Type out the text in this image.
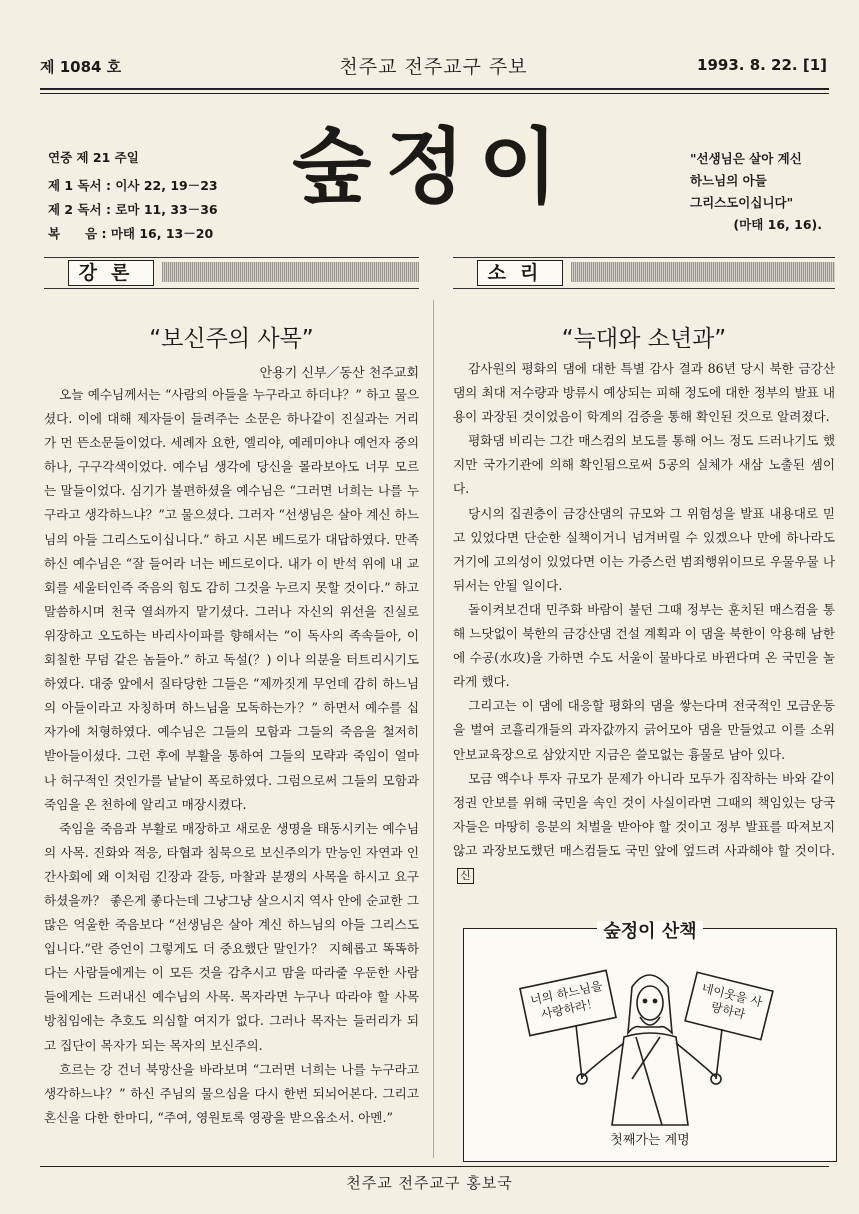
제 1084 호	천주교 전주교구 주보	1993. 8. 22. [1]
연중 제 21 주일
제 1 독서 : 이사 22, 19－23
제 2 독서 : 로마 11, 33－36
복　　음 : 마태 16, 13－20
숲정이	"선생님은 살아 계신
하느님의 아들
그리스도이십니다"
(마태 16, 16).
강론
“보신주의 사목”
안용기 신부／동산 천주교회

오늘 예수님께서는 “사람의 아들을 누구라고 하더냐？” 하고 물으셨다. 이에 대해 제자들이 들려주는 소문은 하나같이 진실과는 거리가 먼 뜬소문들이었다. 세례자 요한, 엘리야, 예레미야나 예언자 중의 하나, 구구각색이었다. 예수님 생각에 당신을 몰라보아도 너무 모르는 말들이었다. 심기가 불편하셨을 예수님은 “그러면 너희는 나를 누구라고 생각하느냐？”고 물으셨다. 그러자 “선생님은 살아 계신 하느님의 아들 그리스도이십니다.” 하고 시몬 베드로가 대답하였다. 만족하신 예수님은 “잘 들어라 너는 베드로이다. 내가 이 반석 위에 내 교회를 세울터인즉 죽음의 힘도 감히 그것을 누르지 못할 것이다.” 하고 말씀하시며 천국 열쇠까지 맡기셨다. 그러나 자신의 위선을 진실로 위장하고 오도하는 바리사이파를 향해서는 “이 독사의 족속들아, 이 회칠한 무덤 같은 놈들아.” 하고 독설(？) 이나 의분을 터트리시기도 하였다. 대중 앞에서 질타당한 그들은 “제까짓게 무언데 감히 하느님의 아들이라고 자칭하며 하느님을 모독하는가？” 하면서 예수를 십자가에 처형하였다. 예수님은 그들의 모함과 그들의 죽음을 철저히 받아들이셨다. 그런 후에 부활을 통하여 그들의 모략과 죽임이 얼마나 허구적인 것인가를 낱낱이 폭로하였다. 그럼으로써 그들의 모함과 죽임을 온 천하에 알리고 매장시켰다.

죽임을 죽음과 부활로 매장하고 새로운 생명을 태동시키는 예수님의 사목. 진화와 적응, 타협과 침묵으로 보신주의가 만능인 자연과 인간사회에 왜 이처럼 긴장과 갈등, 마찰과 분쟁의 사목을 하시고 요구하셨을까？ 좋은게 좋다는데 그냥그냥 살으시지 역사 안에 순교한 그 많은 억울한 죽음보다 “선생님은 살아 계신 하느님의 아들 그리스도입니다.”란 증언이 그렇게도 더 중요했단 말인가？ 지혜롭고 똑똑하다는 사람들에게는 이 모든 것을 감추시고 맘을 따라줄 우둔한 사람들에게는 드러내신 예수님의 사목. 목자라면 누구나 따라야 할 사목 방침임에는 추호도 의심할 여지가 없다. 그러나 목자는 들러리가 되고 집단이 목자가 되는 목자의 보신주의.

흐르는 강 건너 북망산을 바라보며 “그러면 너희는 나를 누구라고 생각하느냐？” 하신 주님의 물으심을 다시 한번 되뇌어본다. 그리고 혼신을 다한 한마디, “주여, 영원토록 영광을 받으옵소서. 아멘.”

소리
“늑대와 소년과”

감사원의 평화의 댐에 대한 특별 감사 결과 86년 당시 북한 금강산댐의 최대 저수량과 방류시 예상되는 피해 정도에 대한 정부의 발표 내용이 과장된 것이었음이 학계의 검증을 통해 확인된 것으로 알려졌다.

평화댐 비리는 그간 매스컴의 보도를 통해 어느 정도 드러나기도 했지만 국가기관에 의해 확인됨으로써 5공의 실체가 새삼 노출된 셈이다.

당시의 집권층이 금강산댐의 규모와 그 위험성을 발표 내용대로 믿고 있었다면 단순한 실책이거니 넘겨버릴 수 있겠으나 만에 하나라도 거기에 고의성이 있었다면 이는 가증스런 범죄행위이므로 우물우물 나뒤서는 안될 일이다.

돌이켜보건대 민주화 바람이 불던 그때 정부는 훈치된 매스컴을 통해 느닷없이 북한의 금강산댐 건설 계획과 이 댐을 북한이 악용해 남한에 수공(水攻)을 가하면 수도 서울이 물바다로 바뀐다며 온 국민을 놀라게 했다.

그리고는 이 댐에 대응할 평화의 댐을 쌓는다며 전국적인 모금운동을 벌여 코흘리개들의 과자값까지 긁어모아 댐을 만들었고 이를 소위 안보교육장으로 삼았지만 지금은 쓸모없는 흉물로 남아 있다.

모금 액수나 투자 규모가 문제가 아니라 모두가 짐작하는 바와 같이 정권 안보를 위해 국민을 속인 것이 사실이라면 그때의 책임있는 당국자들은 마땅히 응분의 처벌을 받아야 할 것이고 정부 발표를 따져보지 않고 과장보도했던 매스컴들도 국민 앞에 엎드려 사과해야 할 것이다.신

숲정이 산책
너의 하느님을 사랑하라！	네이웃을 사랑하라
첫째가는 계명
천주교 전주교구 홍보국
